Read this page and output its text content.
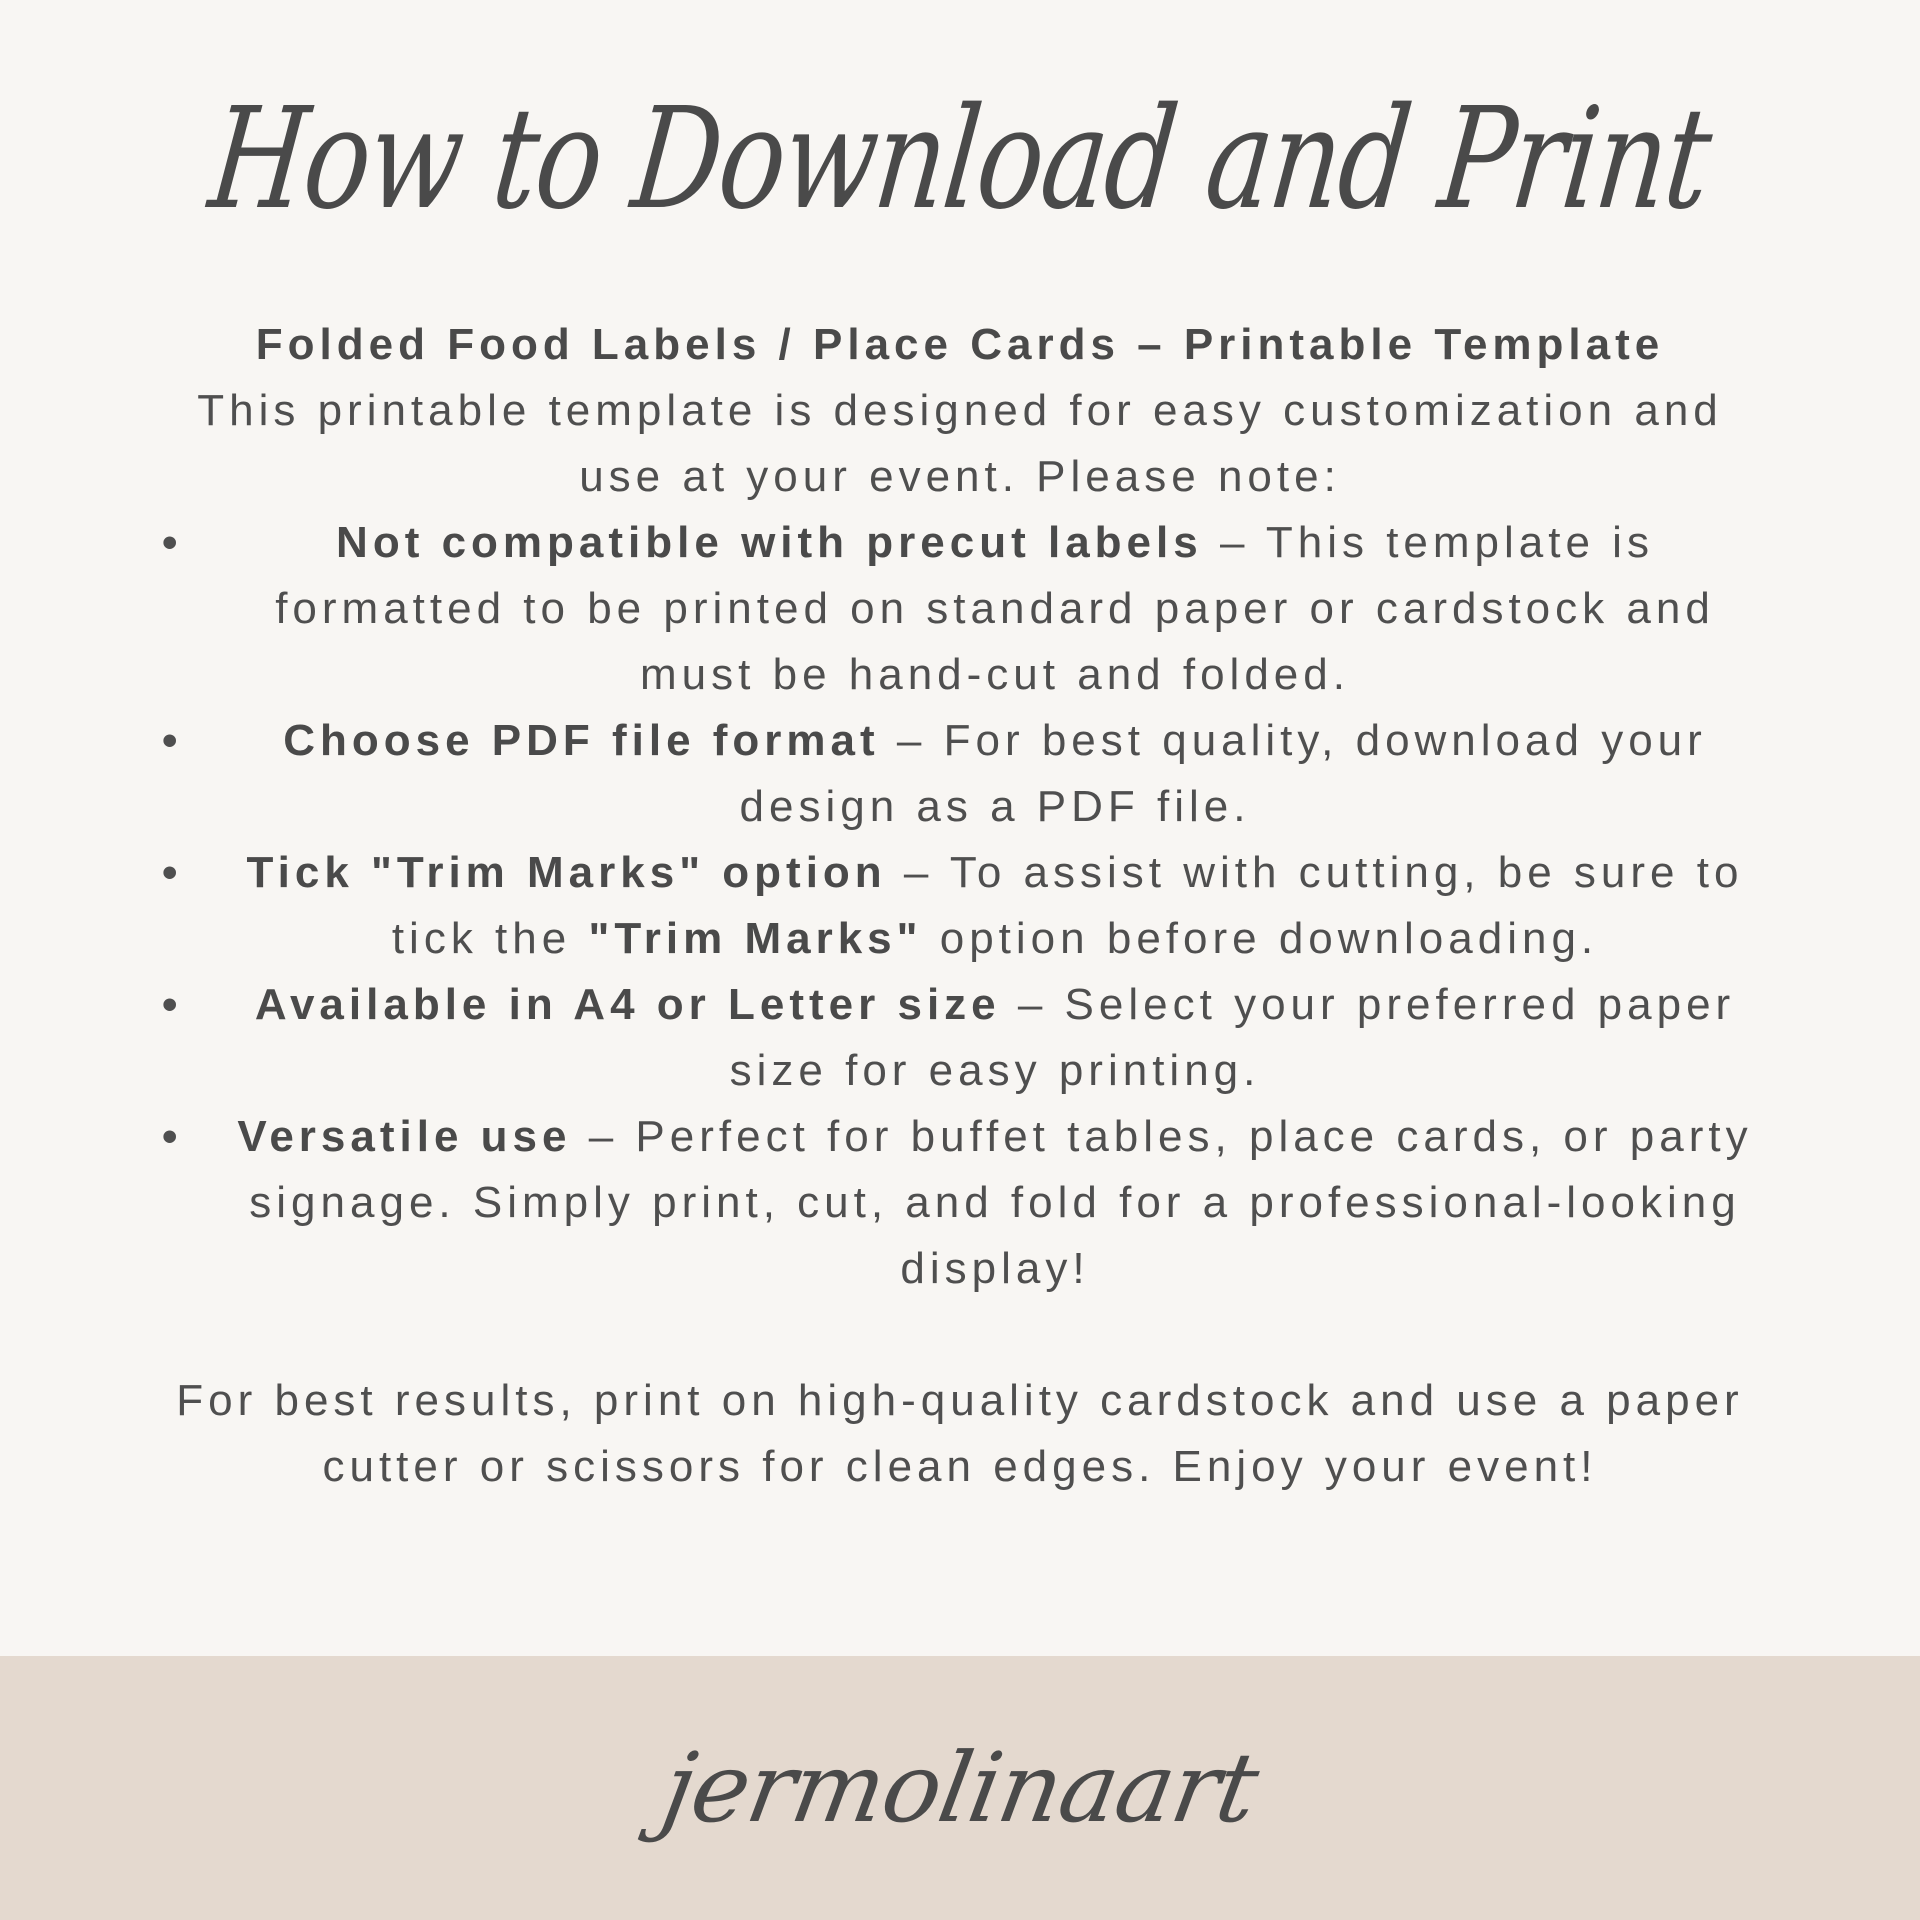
How to Download and Print
Folded Food Labels / Place Cards – Printable Template
This printable template is designed for easy customization and use at your event. Please note:
•	Not compatible with precut labels – This template is formatted to be printed on standard paper or cardstock and must be hand-cut and folded.
• Choose PDF file format – For best quality, download your design as a PDF file.
• Tick "Trim Marks" option – To assist with cutting, be sure to tick the "Trim Marks" option before downloading.
• Available in A4 or Letter size – Select your preferred paper size for easy printing.
• Versatile use – Perfect for buffet tables, place cards, or party signage. Simply print, cut, and fold for a professional-looking display!
For best results, print on high-quality cardstock and use a paper cutter or scissors for clean edges. Enjoy your event!
jermolinaart
